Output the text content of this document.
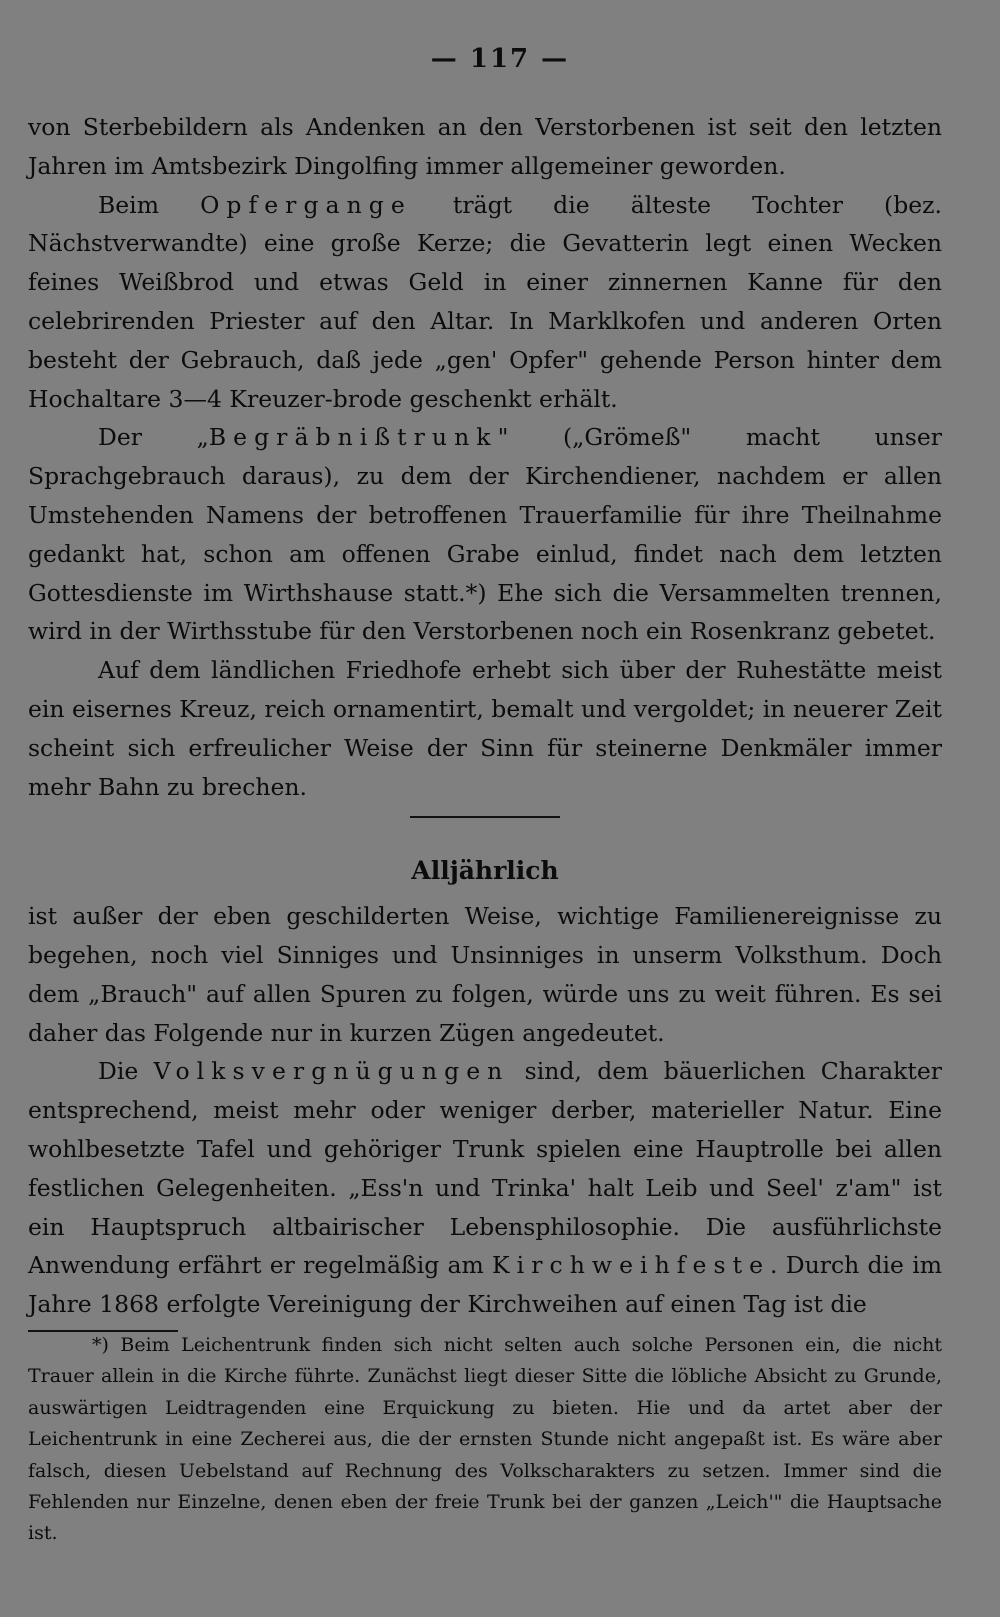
— 117 —

von Sterbebildern als Andenken an den Verstorbenen ist seit den letzten Jahren im Amtsbezirk Dingolfing immer allgemeiner geworden.

Beim Opfergange trägt die älteste Tochter (bez. Nächstverwandte) eine große Kerze; die Gevatterin legt einen Wecken feines Weißbrod und etwas Geld in einer zinnernen Kanne für den celebrirenden Priester auf den Altar. In Marklkofen und anderen Orten besteht der Gebrauch, daß jede „gen' Opfer" gehende Person hinter dem Hochaltare 3—4 Kreuzer-brode geschenkt erhält.

Der „Begräbnißtrunk" („Grömeß" macht unser Sprachgebrauch daraus), zu dem der Kirchendiener, nachdem er allen Umstehenden Namens der betroffenen Trauerfamilie für ihre Theilnahme gedankt hat, schon am offenen Grabe einlud, findet nach dem letzten Gottesdienste im Wirthshause statt.*) Ehe sich die Versammelten trennen, wird in der Wirthsstube für den Verstorbenen noch ein Rosenkranz gebetet.

Auf dem ländlichen Friedhofe erhebt sich über der Ruhestätte meist ein eisernes Kreuz, reich ornamentirt, bemalt und vergoldet; in neuerer Zeit scheint sich erfreulicher Weise der Sinn für steinerne Denkmäler immer mehr Bahn zu brechen.

Alljährlich

ist außer der eben geschilderten Weise, wichtige Familienereignisse zu begehen, noch viel Sinniges und Unsinniges in unserm Volksthum. Doch dem „Brauch" auf allen Spuren zu folgen, würde uns zu weit führen. Es sei daher das Folgende nur in kurzen Zügen angedeutet.

Die Volksvergnügungen sind, dem bäuerlichen Charakter entsprechend, meist mehr oder weniger derber, materieller Natur. Eine wohlbesetzte Tafel und gehöriger Trunk spielen eine Hauptrolle bei allen festlichen Gelegenheiten. „Ess'n und Trinka' halt Leib und Seel' z'am" ist ein Hauptspruch altbairischer Lebensphilosophie. Die ausführlichste Anwendung erfährt er regelmäßig am Kirchweihfeste. Durch die im Jahre 1868 erfolgte Vereinigung der Kirchweihen auf einen Tag ist die

*) Beim Leichentrunk finden sich nicht selten auch solche Personen ein, die nicht Trauer allein in die Kirche führte. Zunächst liegt dieser Sitte die löbliche Absicht zu Grunde, auswärtigen Leidtragenden eine Erquickung zu bieten. Hie und da artet aber der Leichentrunk in eine Zecherei aus, die der ernsten Stunde nicht angepaßt ist. Es wäre aber falsch, diesen Uebelstand auf Rechnung des Volkscharakters zu setzen. Immer sind die Fehlenden nur Einzelne, denen eben der freie Trunk bei der ganzen „Leich'" die Hauptsache ist.
